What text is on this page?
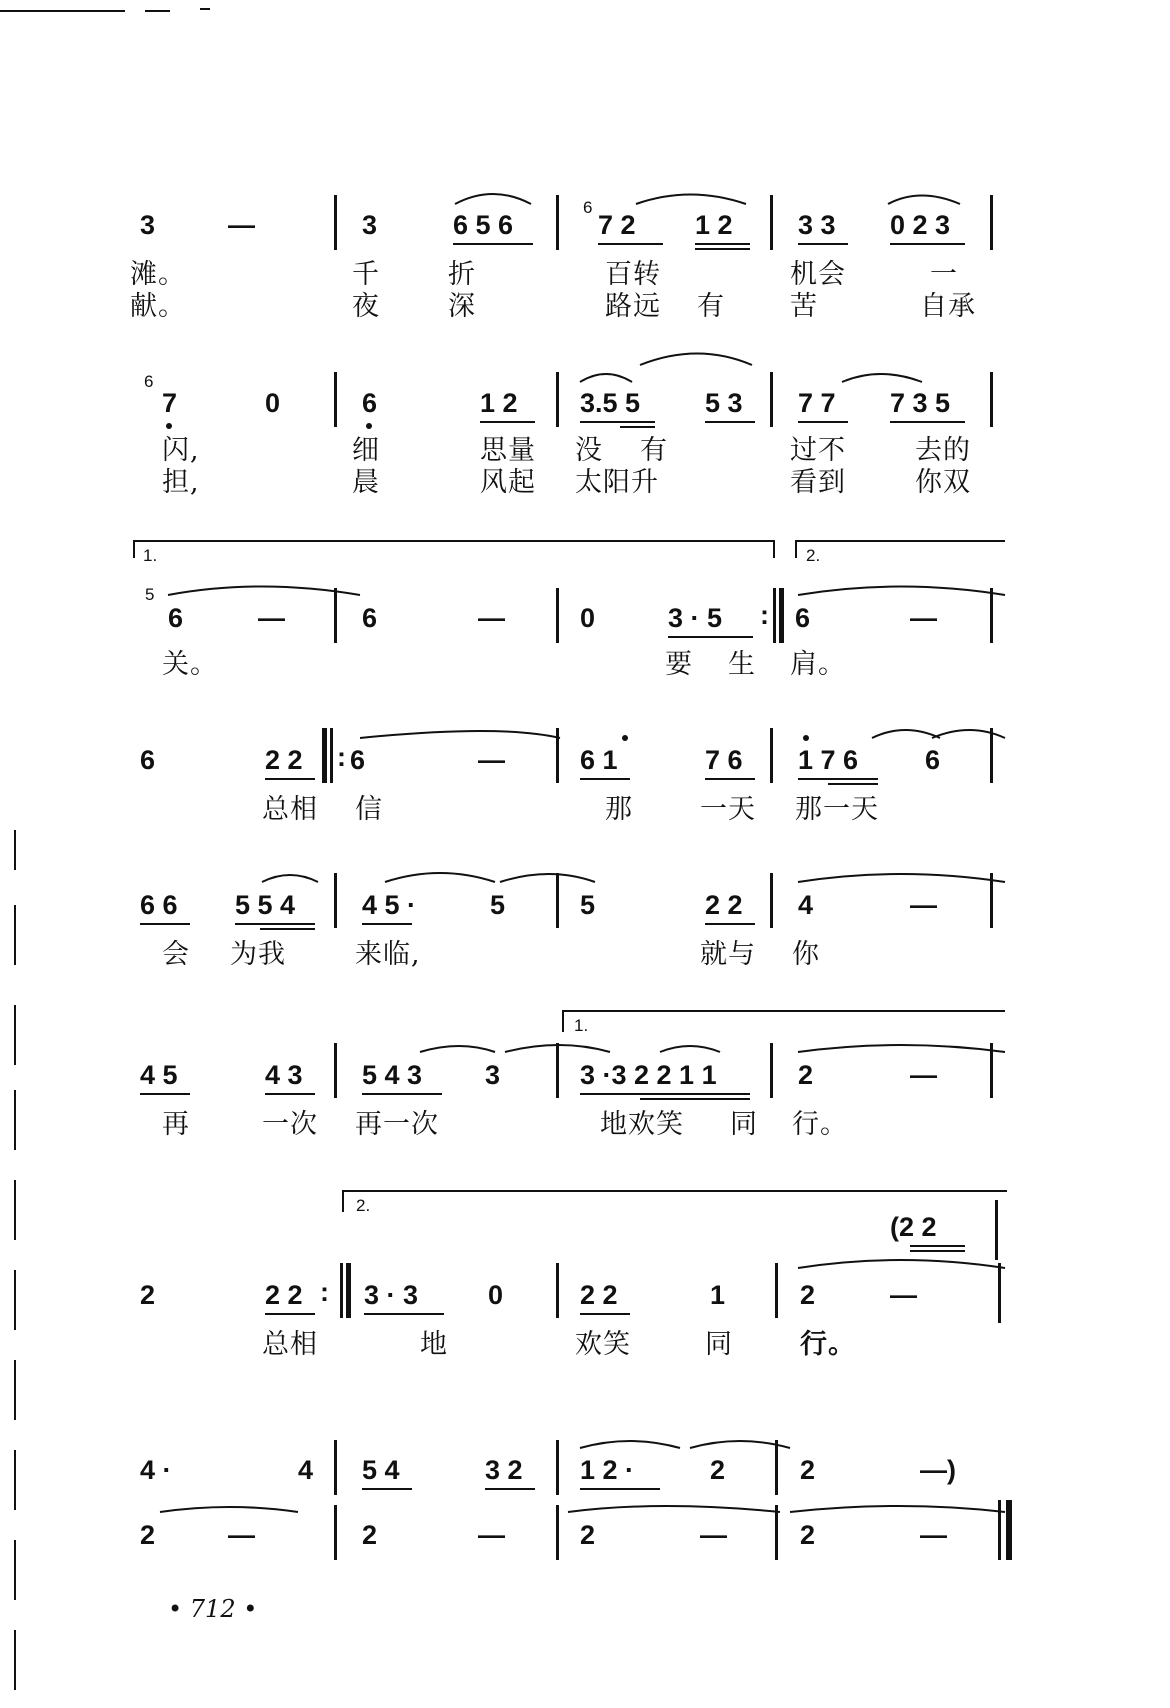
3	—	3	6 5 6
6
7 2 1 2 3 3 0 2 3
滩。	千	折	百转	机会	一
献。	夜	深	路远 有 苦	自承
6
7	0	6	1 2 3.5 5 5 3 7 7 7 3 5
闪,	细	思量 没 有	过不	去的
担,	晨	风起 太阳升	看到	你双
1.	2.
5
6	—	6	—	0	3 · 5 : 6	—
关。	要 生 肩。
6	2 2 : 6	—	6 1	7 6 1 7 6 6
总相 信	那 一天 那一天
6 6 5 5 4 4 5 ·	5	5	2 2 4	—
会 为我	来临,	就与 你
1.
4 5	4 3 5 4 3 3	3 ·3 2 2 1 1	2	—
再	一次 再一次	地欢笑 同 行。
2.
(2 2
2	2 2 : 3 · 3	0	2 2	1	2	—
总相	地	欢笑	同 行。
4 ·	4 5 4	3 2 1 2 ·	2	2	—)
2	—	2	—	2	—	2	—
• 712 •
